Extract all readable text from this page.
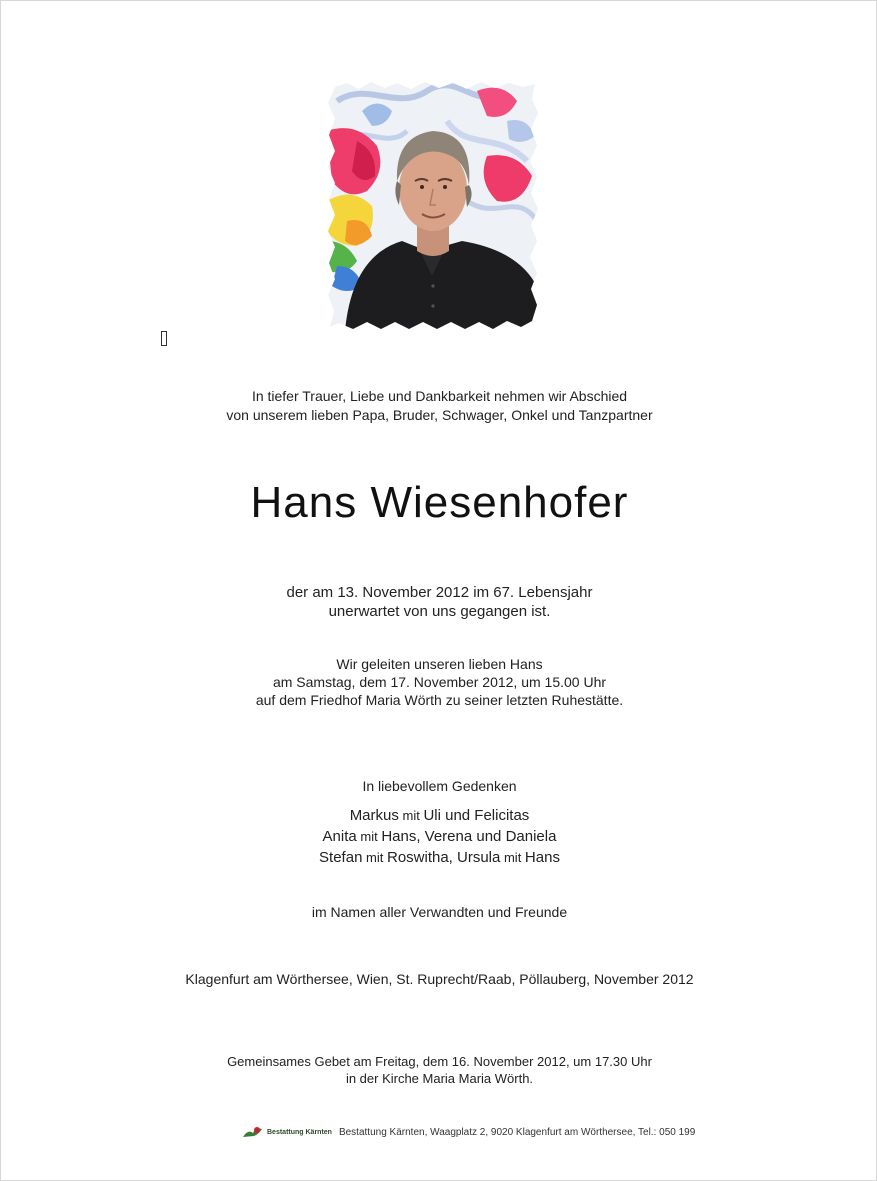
In tiefer Trauer, Liebe und Dankbarkeit nehmen wir Abschied
von unserem lieben Papa, Bruder, Schwager, Onkel und Tanzpartner
Hans Wiesenhofer
der am 13. November 2012 im 67. Lebensjahr
unerwartet von uns gegangen ist.
Wir geleiten unseren lieben Hans
am Samstag, dem 17. November 2012, um 15.00 Uhr
auf dem Friedhof Maria Wörth zu seiner letzten Ruhestätte.
In liebevollem Gedenken
Markus mit Uli und Felicitas
Anita mit Hans, Verena und Daniela
Stefan mit Roswitha, Ursula mit Hans
im Namen aller Verwandten und Freunde
Klagenfurt am Wörthersee, Wien, St. Ruprecht/Raab, Pöllauberg, November 2012
Gemeinsames Gebet am Freitag, dem 16. November 2012, um 17.30 Uhr
in der Kirche Maria Maria Wörth.
Bestattung Kärnten Bestattung Kärnten, Waagplatz 2, 9020 Klagenfurt am Wörthersee, Tel.: 050 199
